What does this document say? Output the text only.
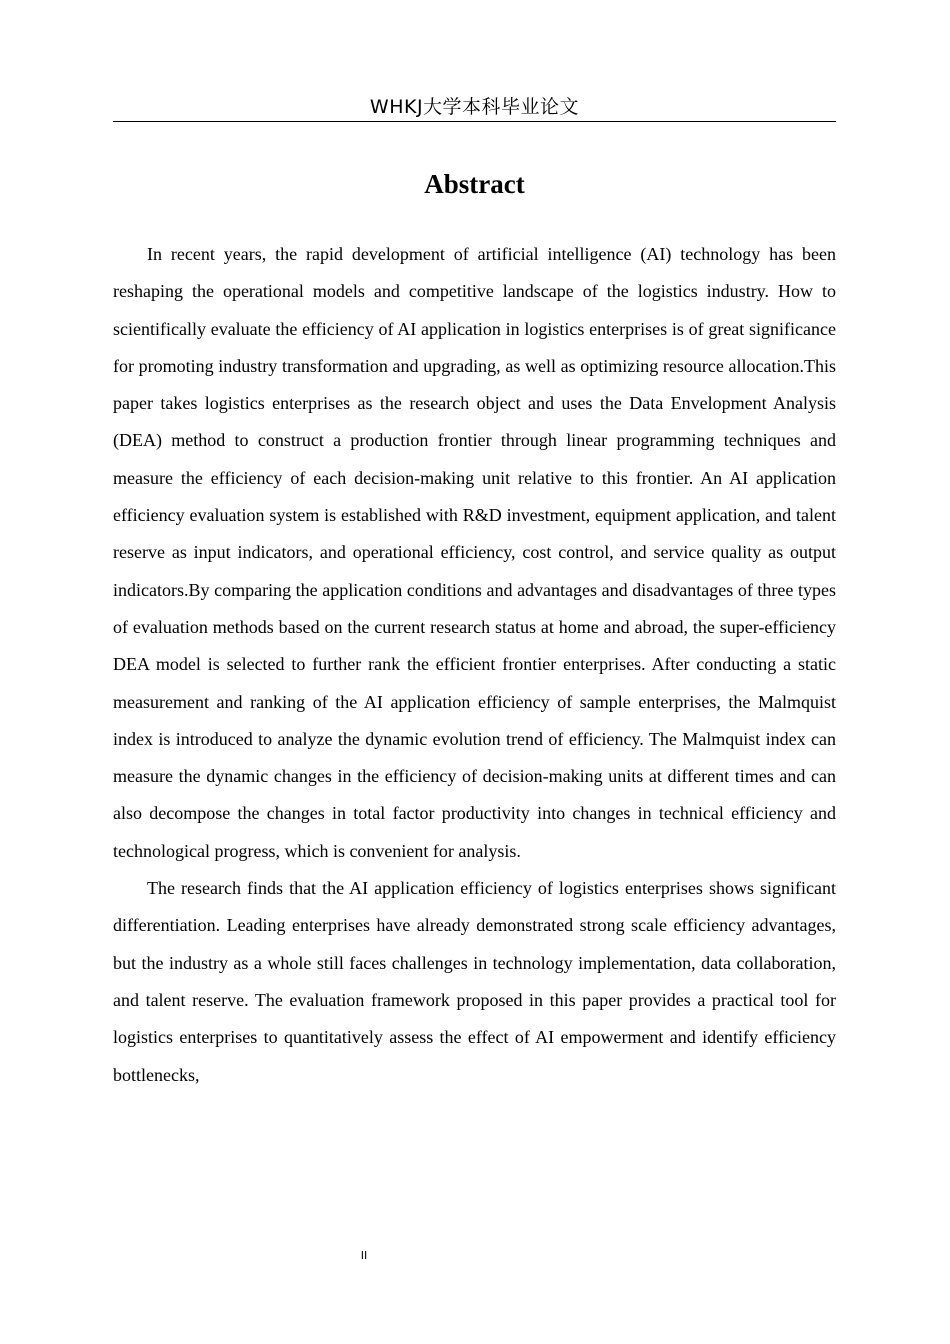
WHKJ大学本科毕业论文
Abstract

In recent years, the rapid development of artificial intelligence (AI) technology has been reshaping the operational models and competitive landscape of the logistics industry. How to scientifically evaluate the efficiency of AI application in logistics enterprises is of great significance for promoting industry transformation and upgrading, as well as optimizing resource allocation.This paper takes logistics enterprises as the research object and uses the Data Envelopment Analysis (DEA) method to construct a production frontier through linear programming techniques and measure the efficiency of each decision-making unit relative to this frontier. An AI application efficiency evaluation system is established with R&D investment, equipment application, and talent reserve as input indicators, and operational efficiency, cost control, and service quality as output indicators.By comparing the application conditions and advantages and disadvantages of three types of evaluation methods based on the current research status at home and abroad, the super-efficiency DEA model is selected to further rank the efficient frontier enterprises. After conducting a static measurement and ranking of the AI application efficiency of sample enterprises, the Malmquist index is introduced to analyze the dynamic evolution trend of efficiency. The Malmquist index can measure the dynamic changes in the efficiency of decision-making units at different times and can also decompose the changes in total factor productivity into changes in technical efficiency and technological progress, which is convenient for analysis.

The research finds that the AI application efficiency of logistics enterprises shows significant differentiation. Leading enterprises have already demonstrated strong scale efficiency advantages, but the industry as a whole still faces challenges in technology implementation, data collaboration, and talent reserve. The evaluation framework proposed in this paper provides a practical tool for logistics enterprises to quantitatively assess the effect of AI empowerment and identify efficiency bottlenecks,

II
